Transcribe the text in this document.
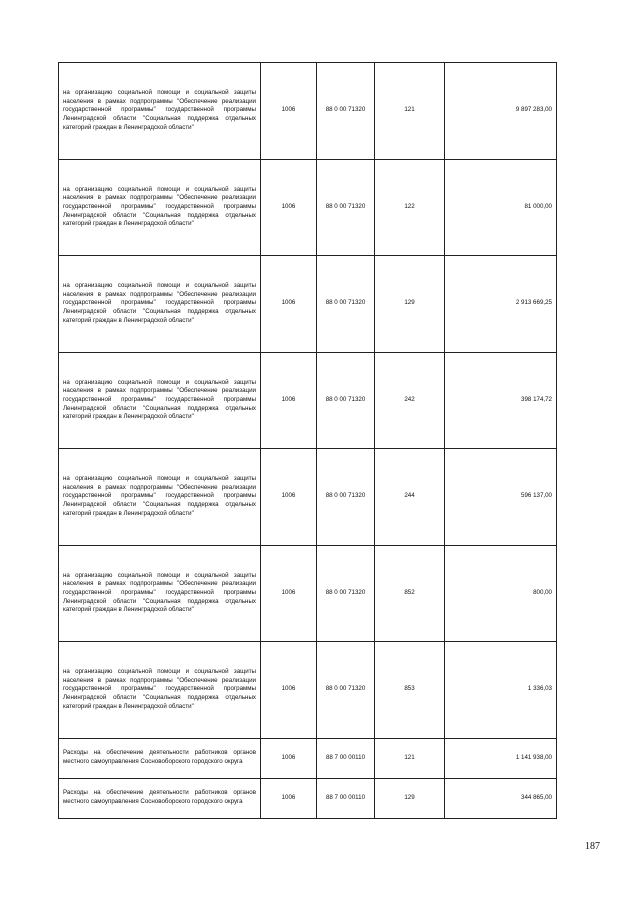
на организацию социальной помощи и социальной защиты населения в рамках подпрограммы "Обеспечение реализации государственной программы" государственной программы Ленинградской области "Социальная поддержка отдельных категорий граждан в Ленинградской области"	1006	88 0 00 71320	121	9 897 283,00
на организацию социальной помощи и социальной защиты населения в рамках подпрограммы "Обеспечение реализации государственной программы" государственной программы Ленинградской области "Социальная поддержка отдельных категорий граждан в Ленинградской области"	1006	88 0 00 71320	122	81 000,00
на организацию социальной помощи и социальной защиты населения в рамках подпрограммы "Обеспечение реализации государственной программы" государственной программы Ленинградской области "Социальная поддержка отдельных категорий граждан в Ленинградской области"	1006	88 0 00 71320	129	2 913 669,25
на организацию социальной помощи и социальной защиты населения в рамках подпрограммы "Обеспечение реализации государственной программы" государственной программы Ленинградской области "Социальная поддержка отдельных категорий граждан в Ленинградской области"	1006	88 0 00 71320	242	398 174,72
на организацию социальной помощи и социальной защиты населения в рамках подпрограммы "Обеспечение реализации государственной программы" государственной программы Ленинградской области "Социальная поддержка отдельных категорий граждан в Ленинградской области"	1006	88 0 00 71320	244	596 137,00
на организацию социальной помощи и социальной защиты населения в рамках подпрограммы "Обеспечение реализации государственной программы" государственной программы Ленинградской области "Социальная поддержка отдельных категорий граждан в Ленинградской области"	1006	88 0 00 71320	852	800,00
на организацию социальной помощи и социальной защиты населения в рамках подпрограммы "Обеспечение реализации государственной программы" государственной программы Ленинградской области "Социальная поддержка отдельных категорий граждан в Ленинградской области"	1006	88 0 00 71320	853	1 336,03
Расходы на обеспечение деятельности работников органов местного самоуправления Сосновоборского городского округа	1006	88 7 00 00110	121	1 141 938,00
Расходы на обеспечение деятельности работников органов местного самоуправления Сосновоборского городского округа	1006	88 7 00 00110	129	344 865,00
187
